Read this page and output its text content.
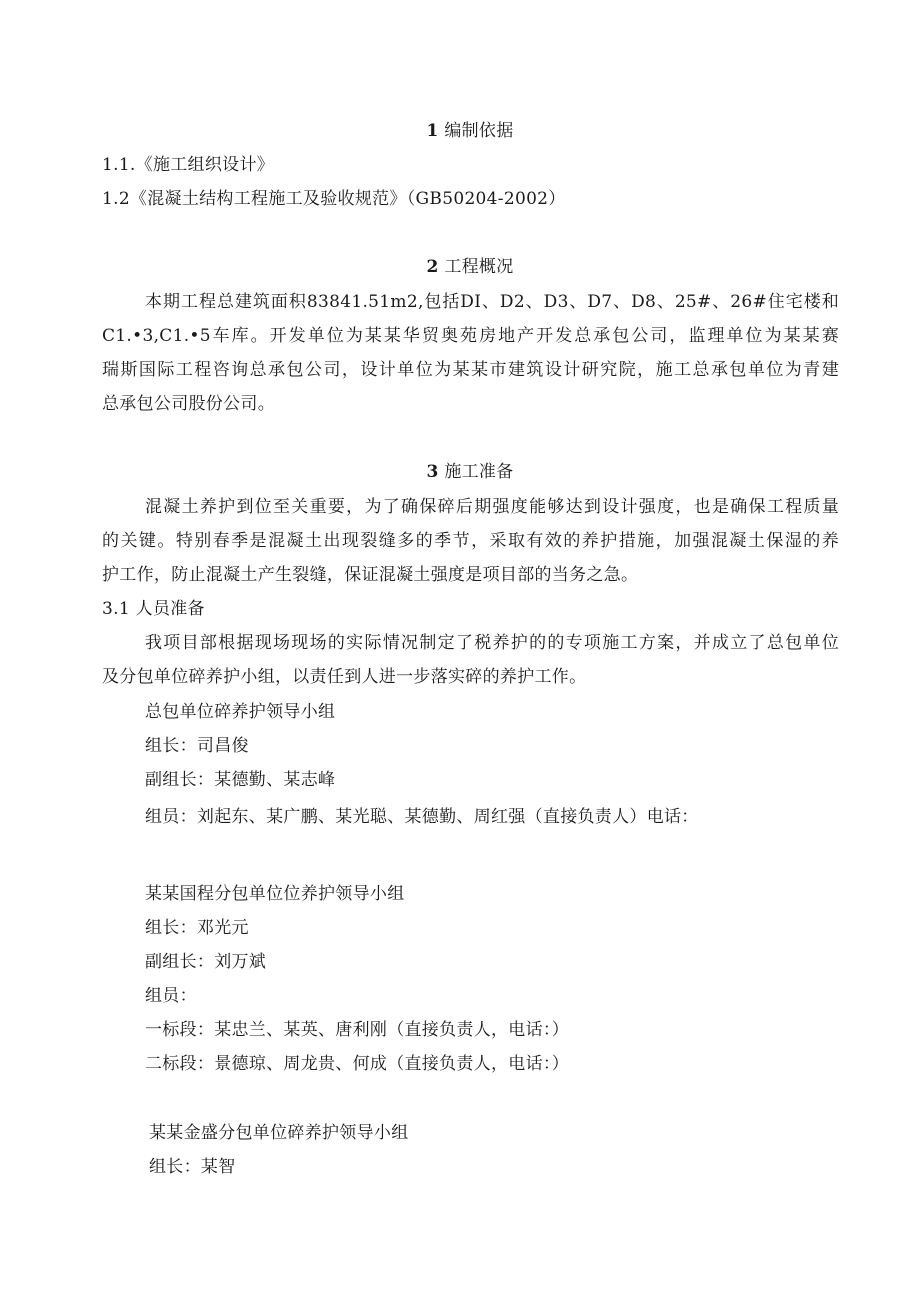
1 编制依据
1.1.《施工组织设计》
1.2《混凝土结构工程施工及验收规范》（GB50204-2002）
2 工程概况
本期工程总建筑面积83841.51m2,包括DI、D2、D3、D7、D8、25#、26#住宅楼和
C1.•3,C1.•5车库。开发单位为某某华贸奥苑房地产开发总承包公司，监理单位为某某赛
瑞斯国际工程咨询总承包公司，设计单位为某某市建筑设计研究院，施工总承包单位为青建
总承包公司股份公司。
3 施工准备
混凝土养护到位至关重要，为了确保碎后期强度能够达到设计强度，也是确保工程质量
的关键。特别春季是混凝土出现裂缝多的季节，采取有效的养护措施，加强混凝土保湿的养
护工作，防止混凝土产生裂缝，保证混凝土强度是项目部的当务之急。
3.1 人员准备
我项目部根据现场现场的实际情况制定了税养护的的专项施工方案，并成立了总包单位
及分包单位碎养护小组，以责任到人进一步落实碎的养护工作。
总包单位碎养护领导小组
组长：司昌俊
副组长：某德勤、某志峰
组员：刘起东、某广鹏、某光聪、某德勤、周红强（直接负责人）电话：
某某国程分包单位位养护领导小组
组长：邓光元
副组长：刘万斌
组员：
一标段：某忠兰、某英、唐利刚（直接负责人，电话：）
二标段：景德琼、周龙贵、何成（直接负责人，电话：）
某某金盛分包单位碎养护领导小组
组长：某智
